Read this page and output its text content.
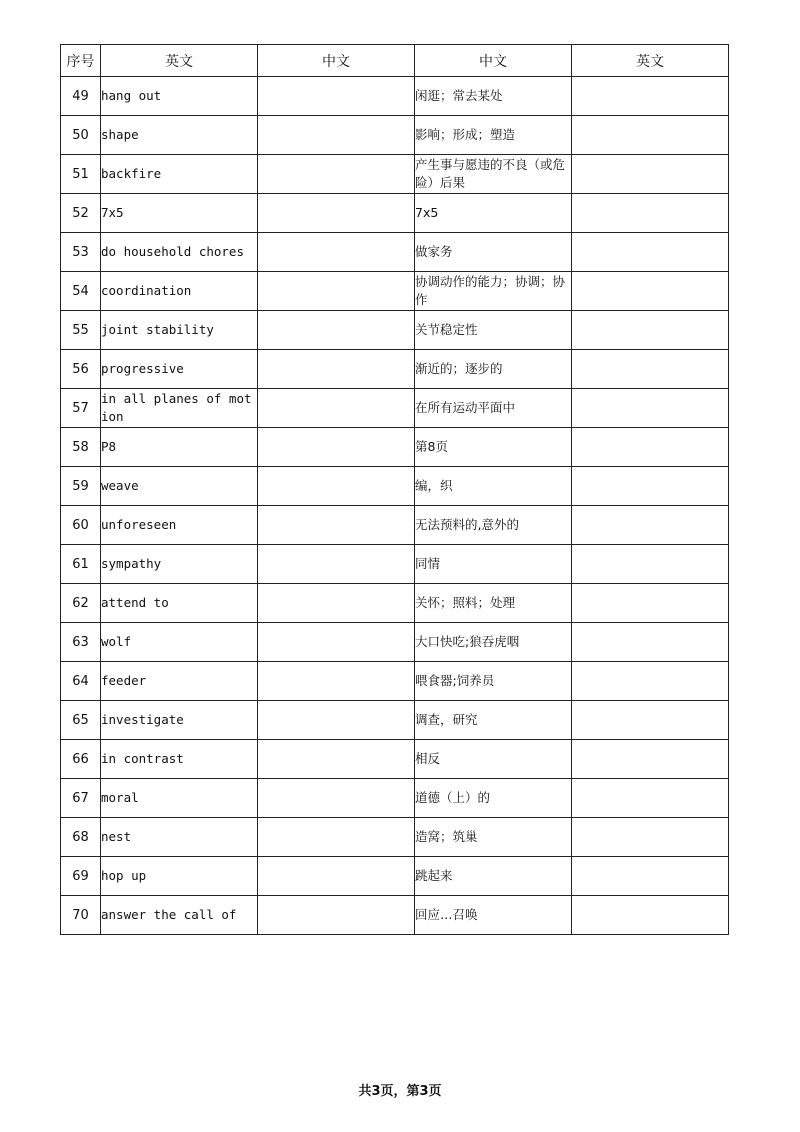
序号	英文	中文	中文	英文
49	hang out		闲逛；常去某处	
50	shape		影响；形成；塑造	
51	backfire		产生事与愿违的不良（或危险）后果	
52	7x5		7x5	
53	do household chores		做家务	
54	coordination		协调动作的能力；协调；协作	
55	joint stability		关节稳定性	
56	progressive		渐近的；逐步的	
57	in all planes of motion		在所有运动平面中	
58	P8		第8页	
59	weave		编，织	
60	unforeseen		无法预料的,意外的	
61	sympathy		同情	
62	attend to		关怀；照料；处理	
63	wolf		大口快吃;狼吞虎咽	
64	feeder		喂食器;饲养员	
65	investigate		调查，研究	
66	in contrast		相反	
67	moral		道德（上）的	
68	nest		造窝；筑巢	
69	hop up		跳起来	
70	answer the call of		回应…召唤	
共3页，第3页
